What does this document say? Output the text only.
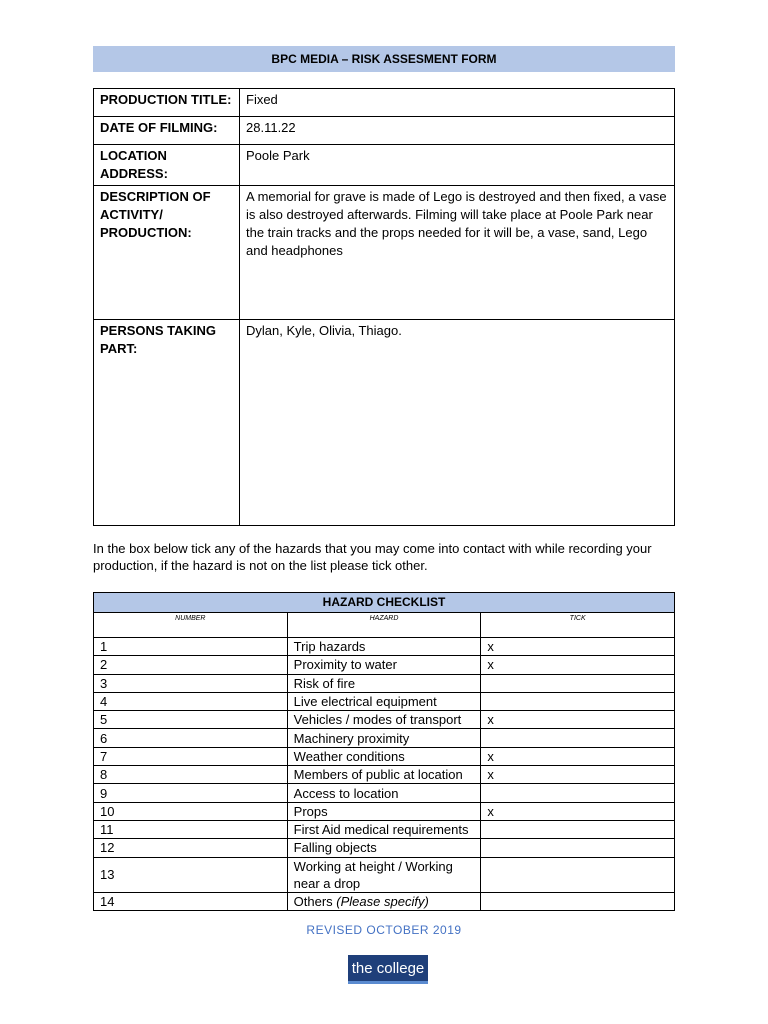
BPC MEDIA – RISK ASSESMENT FORM
PRODUCTION TITLE:	Fixed
DATE OF FILMING:	28.11.22
LOCATION ADDRESS:	Poole Park
DESCRIPTION OF ACTIVITY/ PRODUCTION:	A memorial for grave is made of Lego is destroyed and then fixed, a vase is also destroyed afterwards. Filming will take place at Poole Park near the train tracks and the props needed for it will be, a vase, sand, Lego and headphones
PERSONS TAKING PART:	Dylan, Kyle, Olivia, Thiago.
In the box below tick any of the hazards that you may come into contact with while recording your production, if the hazard is not on the list please tick other.
HAZARD CHECKLIST		
NUMBER	HAZARD	TICK
1	Trip hazards	x
2	Proximity to water	x
3	Risk of fire	
4	Live electrical equipment	
5	Vehicles / modes of transport	x
6	Machinery proximity	
7	Weather conditions	x
8	Members of public at location	x
9	Access to location	
10	Props	x
11	First Aid medical requirements	
12	Falling objects	
13	Working at height / Working near a drop	
14	Others (Please specify)	
REVISED OCTOBER 2019
the college
